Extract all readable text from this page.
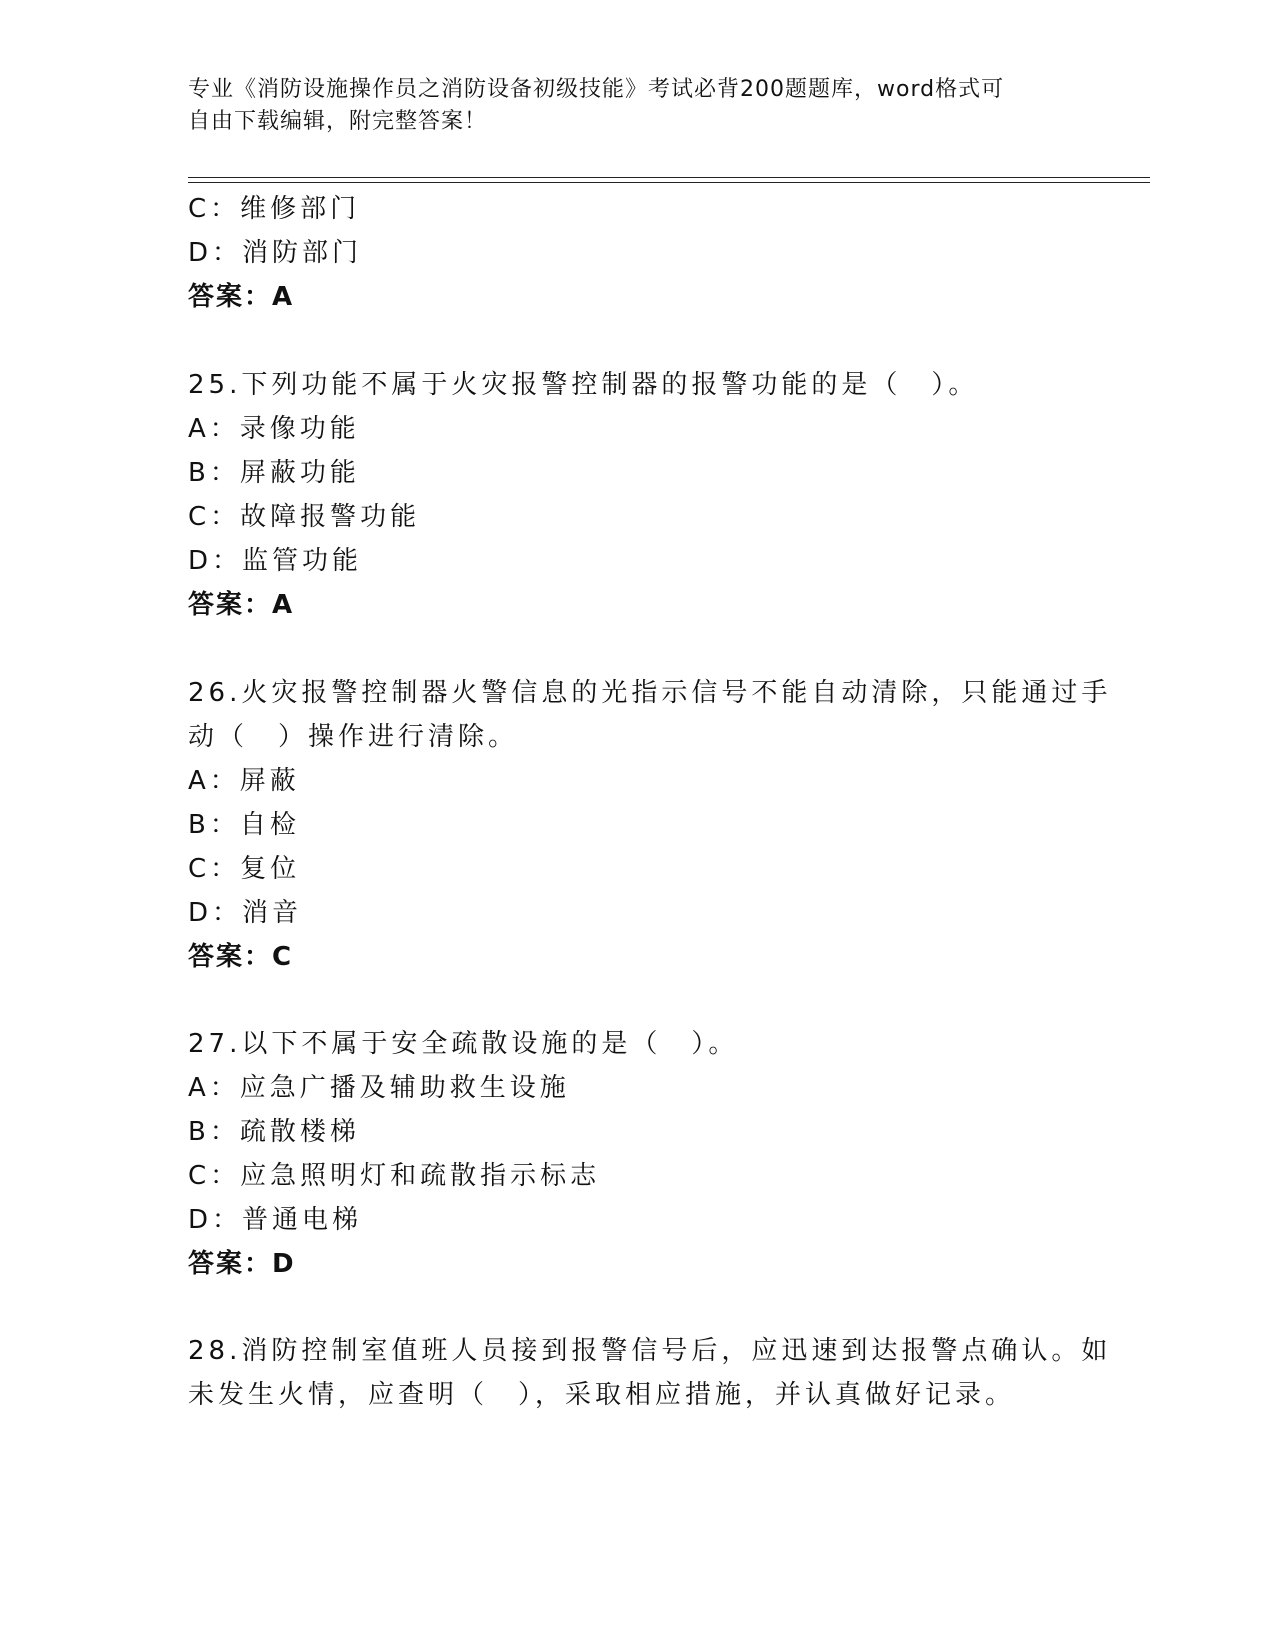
专业《消防设施操作员之消防设备初级技能》考试必背200题题库，word格式可
自由下载编辑，附完整答案！
C：维修部门
D：消防部门
答案：A
25.下列功能不属于火灾报警控制器的报警功能的是（　）。
A：录像功能
B：屏蔽功能
C：故障报警功能
D：监管功能
答案：A
26.火灾报警控制器火警信息的光指示信号不能自动清除，只能通过手
动（　）操作进行清除。
A：屏蔽
B：自检
C：复位
D：消音
答案：C
27.以下不属于安全疏散设施的是（　）。
A：应急广播及辅助救生设施
B：疏散楼梯
C：应急照明灯和疏散指示标志
D：普通电梯
答案：D
28.消防控制室值班人员接到报警信号后，应迅速到达报警点确认。如
未发生火情，应查明（　），采取相应措施，并认真做好记录。
